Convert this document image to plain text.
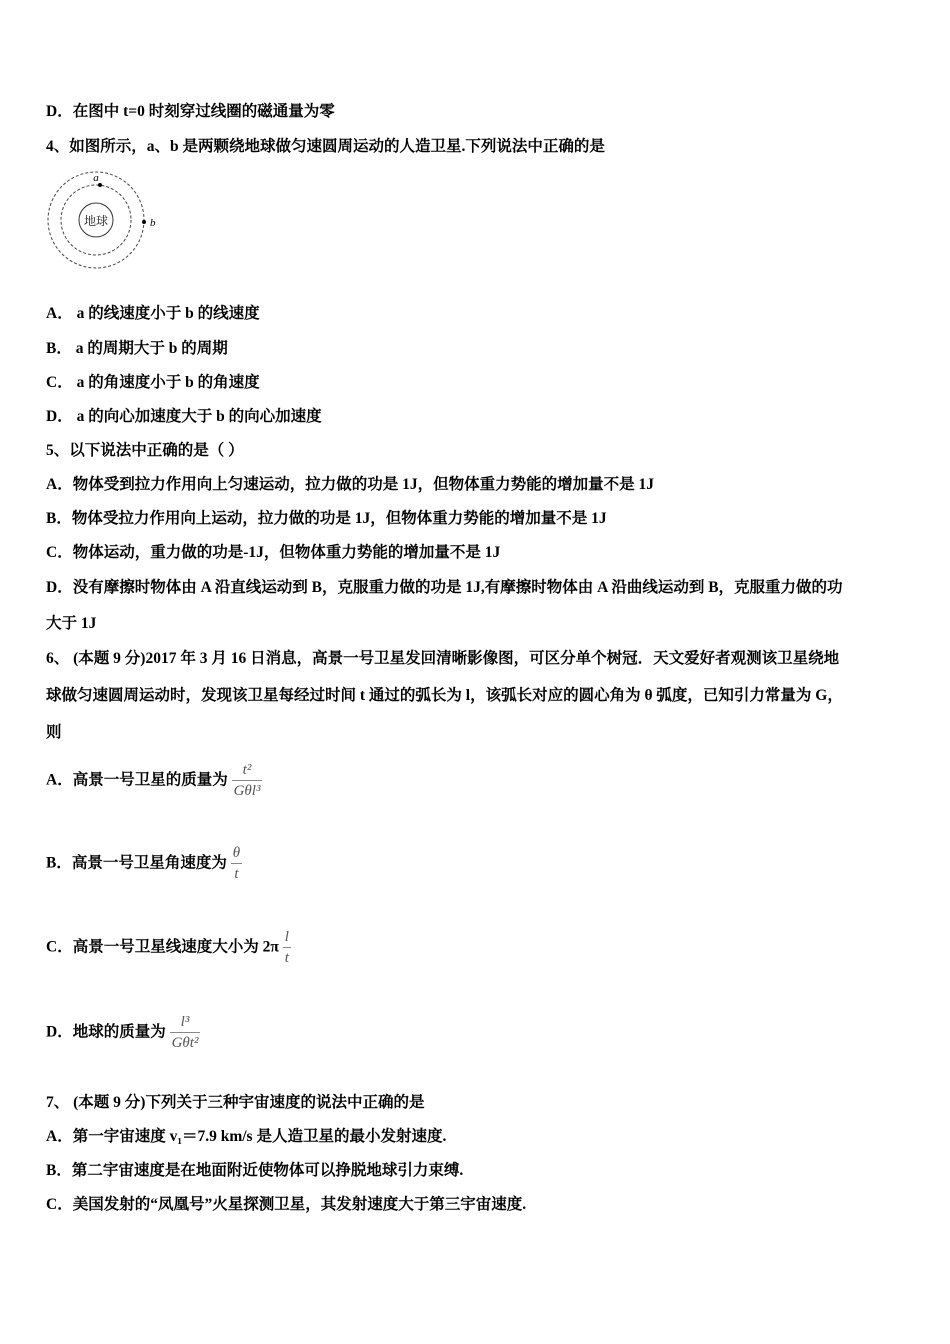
D．在图中 t=0 时刻穿过线圈的磁通量为零
4、如图所示，a、b 是两颗绕地球做匀速圆周运动的人造卫星.下列说法中正确的是
地球
a
b
A． a 的线速度小于 b 的线速度
B． a 的周期大于 b 的周期
C． a 的角速度小于 b 的角速度
D． a 的向心加速度大于 b 的向心加速度
5、以下说法中正确的是（ ）
A．物体受到拉力作用向上匀速运动，拉力做的功是 1J，但物体重力势能的增加量不是 1J
B．物体受拉力作用向上运动，拉力做的功是 1J，但物体重力势能的增加量不是 1J
C．物体运动，重力做的功是-1J，但物体重力势能的增加量不是 1J
D．没有摩擦时物体由 A 沿直线运动到 B，克服重力做的功是 1J,有摩擦时物体由 A 沿曲线运动到 B，克服重力做的功
大于 1J
6、 (本题 9 分)2017 年 3 月 16 日消息，高景一号卫星发回清晰影像图，可区分单个树冠．天文爱好者观测该卫星绕地
球做匀速圆周运动时，发现该卫星每经过时间 t 通过的弧长为 l，该弧长对应的圆心角为 θ 弧度，已知引力常量为 G，
则
A．高景一号卫星的质量为 $\frac{\text{t²}}{\text{Gθl³}}$
B．高景一号卫星角速度为 $\frac{\theta}{t}$
C．高景一号卫星线速度大小为 $2\pi \frac{l}{t}$
D．地球的质量为 $\frac{\text{l³}}{\text{Gθt²}}$
7、 (本题 9 分)下列关于三种宇宙速度的说法中正确的是
A．第一宇宙速度 v₁＝7.9 km/s 是人造卫星的最小发射速度.
B．第二宇宙速度是在地面附近使物体可以挣脱地球引力束缚.
C．美国发射的“凤凰号”火星探测卫星，其发射速度大于第三宇宙速度.
